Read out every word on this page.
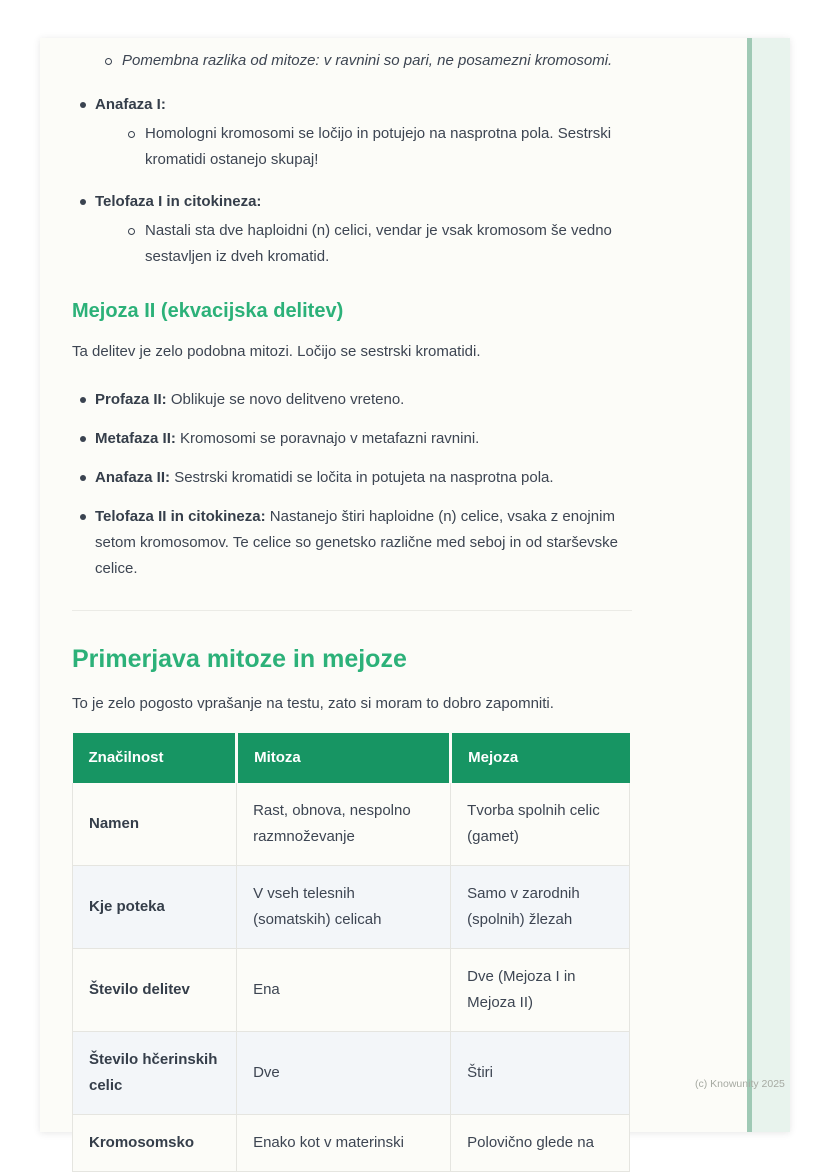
Pomembna razlika od mitoze: v ravnini so pari, ne posamezni kromosomi.
Anafaza I:
Homologni kromosomi se ločijo in potujejo na nasprotna pola. Sestrski kromatidi ostanejo skupaj!
Telofaza I in citokineza:
Nastali sta dve haploidni (n) celici, vendar je vsak kromosom še vedno sestavljen iz dveh kromatid.
Mejoza II (ekvacijska delitev)

Ta delitev je zelo podobna mitozi. Ločijo se sestrski kromatidi.

Profaza II: Oblikuje se novo delitveno vreteno.
Metafaza II: Kromosomi se poravnajo v metafazni ravnini.
Anafaza II: Sestrski kromatidi se ločita in potujeta na nasprotna pola.
Telofaza II in citokineza: Nastanejo štiri haploidne (n) celice, vsaka z enojnim setom kromosomov. Te celice so genetsko različne med seboj in od starševske celice.
Primerjava mitoze in mejoze

To je zelo pogosto vprašanje na testu, zato si moram to dobro zapomniti.

Značilnost	Mitoza	Mejoza
Namen	Rast, obnova, nespolno razmnoževanje	Tvorba spolnih celic (gamet)
Kje poteka	V vseh telesnih (somatskih) celicah	Samo v zarodnih (spolnih) žlezah
Število delitev	Ena	Dve (Mejoza I in Mejoza II)
Število hčerinskih celic	Dve	Štiri
Kromosomsko	Enako kot v materinski	Polovično glede na
(c) Knowunity 2025
